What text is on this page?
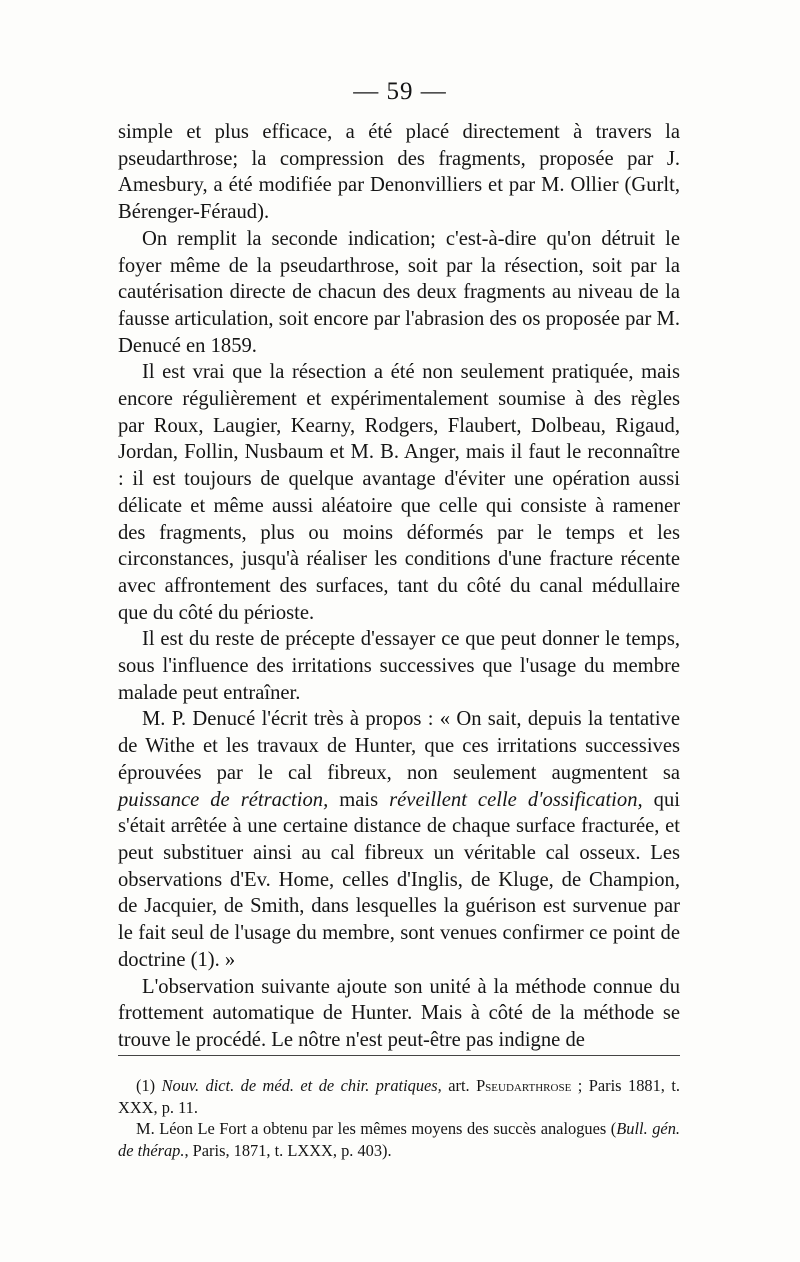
— 59 —

simple et plus efficace, a été placé directement à travers la pseudarthrose; la compression des fragments, proposée par J. Amesbury, a été modifiée par Denonvilliers et par M. Ollier (Gurlt, Bérenger-Féraud).

On remplit la seconde indication; c'est-à-dire qu'on détruit le foyer même de la pseudarthrose, soit par la résection, soit par la cautérisation directe de chacun des deux fragments au niveau de la fausse articulation, soit encore par l'abrasion des os proposée par M. Denucé en 1859.

Il est vrai que la résection a été non seulement pratiquée, mais encore régulièrement et expérimentalement soumise à des règles par Roux, Laugier, Kearny, Rodgers, Flaubert, Dolbeau, Rigaud, Jordan, Follin, Nusbaum et M. B. Anger, mais il faut le reconnaître : il est toujours de quelque avantage d'éviter une opération aussi délicate et même aussi aléatoire que celle qui consiste à ramener des fragments, plus ou moins déformés par le temps et les circonstances, jusqu'à réaliser les conditions d'une fracture récente avec affrontement des surfaces, tant du côté du canal médullaire que du côté du périoste.

Il est du reste de précepte d'essayer ce que peut donner le temps, sous l'influence des irritations successives que l'usage du membre malade peut entraîner.

M. P. Denucé l'écrit très à propos : « On sait, depuis la tentative de Withe et les travaux de Hunter, que ces irritations successives éprouvées par le cal fibreux, non seulement augmentent sa puissance de rétraction, mais réveillent celle d'ossification, qui s'était arrêtée à une certaine distance de chaque surface fracturée, et peut substituer ainsi au cal fibreux un véritable cal osseux. Les observations d'Ev. Home, celles d'Inglis, de Kluge, de Champion, de Jacquier, de Smith, dans lesquelles la guérison est survenue par le fait seul de l'usage du membre, sont venues confirmer ce point de doctrine (1). »

L'observation suivante ajoute son unité à la méthode connue du frottement automatique de Hunter. Mais à côté de la méthode se trouve le procédé. Le nôtre n'est peut-être pas indigne de

(1) Nouv. dict. de méd. et de chir. pratiques, art. Pseudarthrose ; Paris 1881, t. XXX, p. 11.

M. Léon Le Fort a obtenu par les mêmes moyens des succès analogues (Bull. gén. de thérap., Paris, 1871, t. LXXX, p. 403).
